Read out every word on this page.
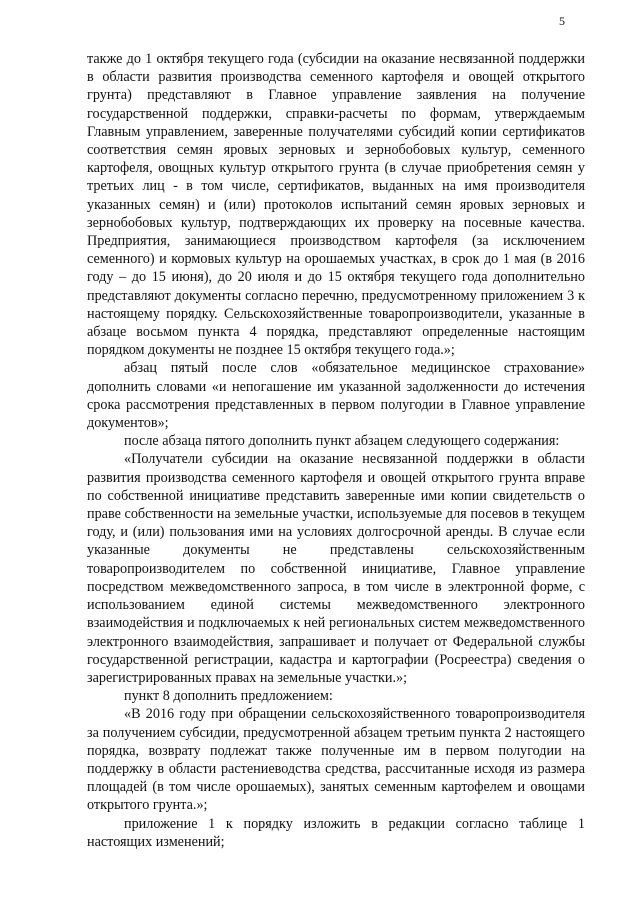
5

также до 1 октября текущего года (субсидии на оказание несвязанной поддержки в области развития производства семенного картофеля и овощей открытого грунта) представляют в Главное управление заявления на получение государственной поддержки, справки-расчеты по формам, утверждаемым Главным управлением, заверенные получателями субсидий копии сертификатов соответствия семян яровых зерновых и зернобобовых культур, семенного картофеля, овощных культур открытого грунта (в случае приобретения семян у третьих лиц - в том числе, сертификатов, выданных на имя производителя указанных семян) и (или) протоколов испытаний семян яровых зерновых и зернобобовых культур, подтверждающих их проверку на посевные качества. Предприятия, занимающиеся производством картофеля (за исключением семенного) и кормовых культур на орошаемых участках, в срок до 1 мая (в 2016 году – до 15 июня), до 20 июля и до 15 октября текущего года дополнительно представляют документы согласно перечню, предусмотренному приложением 3 к настоящему порядку. Сельскохозяйственные товаропроизводители, указанные в абзаце восьмом пункта 4 порядка, представляют определенные настоящим порядком документы не позднее 15 октября текущего года.»;

абзац пятый после слов «обязательное медицинское страхование» дополнить словами «и непогашение им указанной задолженности до истечения срока рассмотрения представленных в первом полугодии в Главное управление документов»;

после абзаца пятого дополнить пункт абзацем следующего содержания:

«Получатели субсидии на оказание несвязанной поддержки в области развития производства семенного картофеля и овощей открытого грунта вправе по собственной инициативе представить заверенные ими копии свидетельств о праве собственности на земельные участки, используемые для посевов в текущем году, и (или) пользования ими на условиях долгосрочной аренды. В случае если указанные документы не представлены сельскохозяйственным товаропроизводителем по собственной инициативе, Главное управление посредством межведомственного запроса, в том числе в электронной форме, с использованием единой системы межведомственного электронного взаимодействия и подключаемых к ней региональных систем межведомственного электронного взаимодействия, запрашивает и получает от Федеральной службы государственной регистрации, кадастра и картографии (Росреестра) сведения о зарегистрированных правах на земельные участки.»;

пункт 8 дополнить предложением:

«В 2016 году при обращении сельскохозяйственного товаропроизводителя за получением субсидии, предусмотренной абзацем третьим пункта 2 настоящего порядка, возврату подлежат также полученные им в первом полугодии на поддержку в области растениеводства средства, рассчитанные исходя из размера площадей (в том числе орошаемых), занятых семенным картофелем и овощами открытого грунта.»;

приложение 1 к порядку изложить в редакции согласно таблице 1 настоящих изменений;
